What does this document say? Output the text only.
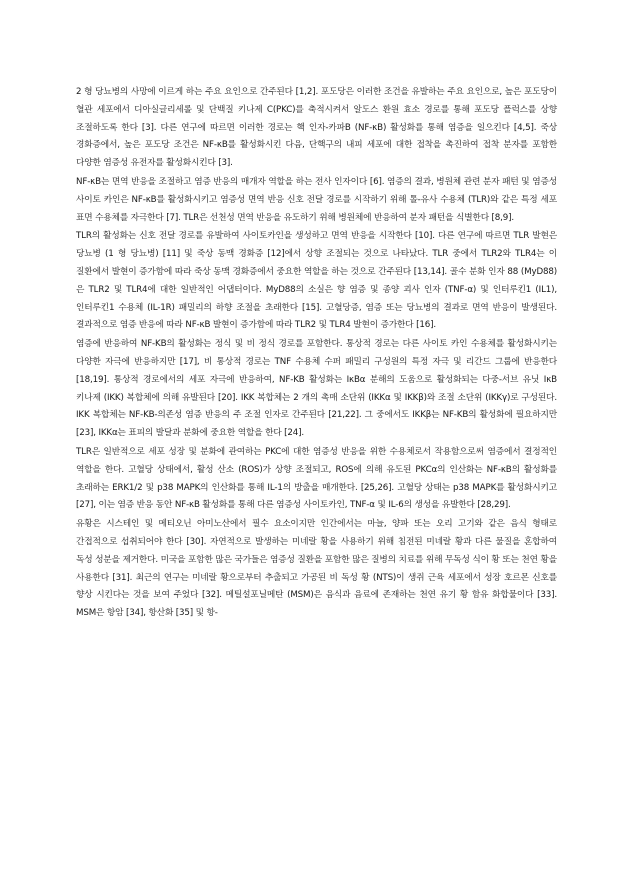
2 형 당뇨병의 사망에 이르게 하는 주요 요인으로 간주된다 [1,2]. 포도당은 이러한 조건을 유발하는 주요 요인으로, 높은 포도당이 혈관 세포에서 디아실글리세롤 및 단백질 키나제 C(PKC)를 축적시켜서 알도스 환원 효소 경로를 통해 포도당 플럭스를 상향 조절하도록 한다 [3]. 다른 연구에 따르면 이러한 경로는 핵 인자-카파B (NF-κB) 활성화를 통해 염증을 일으킨다 [4,5]. 죽상 경화증에서, 높은 포도당 조건은 NF-κB를 활성화시킨 다음, 단핵구의 내피 세포에 대한 접착을 촉진하여 접착 분자를 포함한 다양한 염증성 유전자를 활성화시킨다 [3].

NF-κB는 면역 반응을 조절하고 염증 반응의 매개자 역할을 하는 전사 인자이다 [6]. 염증의 결과, 병원체 관련 분자 패턴 및 염증성 사이토 카인은 NF-κB를 활성화시키고 염증성 면역 반응 신호 전달 경로를 시작하기 위해 톨-유사 수용체 (TLR)와 같은 특정 세포 표면 수용체를 자극한다 [7]. TLR은 선천성 면역 반응을 유도하기 위해 병원체에 반응하여 분자 패턴을 식별한다 [8,9].

TLR의 활성화는 신호 전달 경로를 유발하여 사이토카인을 생성하고 면역 반응을 시작한다 [10]. 다른 연구에 따르면 TLR 발현은 당뇨병 (1 형 당뇨병) [11] 및 죽상 동맥 경화증 [12]에서 상향 조절되는 것으로 나타났다. TLR 중에서 TLR2와 TLR4는 이 질환에서 발현이 증가함에 따라 죽상 동맥 경화증에서 중요한 역할을 하는 것으로 간주된다 [13,14]. 골수 분화 인자 88 (MyD88)은 TLR2 및 TLR4에 대한 일반적인 어댑터이다. MyD88의 소실은 향 염증 및 종양 괴사 인자 (TNF-α) 및 인터루킨1 (IL1), 인터루킨1 수용체 (IL-1R) 패밀리의 하향 조절을 초래한다 [15]. 고혈당증, 염증 또는 당뇨병의 결과로 면역 반응이 발생된다. 결과적으로 염증 반응에 따라 NF-κB 발현이 증가함에 따라 TLR2 및 TLR4 발현이 증가한다 [16].

염증에 반응하여 NF-KB의 활성화는 정식 및 비 정식 경로를 포함한다. 통상적 경로는 다른 사이토 카인 수용체를 활성화시키는 다양한 자극에 반응하지만 [17], 비 통상적 경로는 TNF 수용체 수퍼 패밀리 구성원의 특정 자극 및 리간드 그룹에 반응한다 [18,19]. 통상적 경로에서의 세포 자극에 반응하여, NF-KB 활성화는 IκBα 분해의 도움으로 활성화되는 다중-서브 유닛 IκB 키나제 (IKK) 복합체에 의해 유발된다 [20]. IKK 복합체는 2 개의 촉매 소단위 (IKKα 및 IKKβ)와 조절 소단위 (IKKγ)로 구성된다. IKK 복합체는 NF-KB-의존성 염증 반응의 주 조절 인자로 간주된다 [21,22]. 그 중에서도 IKKβ는 NF-KB의 활성화에 필요하지만 [23], IKKα는 표피의 발달과 분화에 중요한 역할을 한다 [24].

TLR은 일반적으로 세포 성장 및 분화에 관여하는 PKC에 대한 염증성 반응을 위한 수용체로서 작용함으로써 염증에서 결정적인 역할을 한다. 고혈당 상태에서, 활성 산소 (ROS)가 상향 조절되고, ROS에 의해 유도된 PKCα의 인산화는 NF-κB의 활성화를 초래하는 ERK1/2 및 p38 MAPK의 인산화를 통해 IL-1의 방출을 매개한다. [25,26]. 고혈당 상태는 p38 MAPK를 활성화시키고 [27], 이는 염증 반응 동안 NF-κB 활성화를 통해 다른 염증성 사이토카인, TNF-α 및 IL-6의 생성을 유발한다 [28,29].

유황은 시스테인 및 메티오닌 아미노산에서 필수 요소이지만 인간에서는 마늘, 양파 또는 오리 고기와 같은 음식 형태로 간접적으로 섭취되어야 한다 [30]. 자연적으로 발생하는 미네랄 황을 사용하기 위해 침전된 미네랄 황과 다른 물질을 혼합하여 독성 성분을 제거한다. 미국을 포함한 많은 국가들은 염증성 질환을 포함한 많은 질병의 치료를 위해 무독성 식이 황 또는 천연 황을 사용한다 [31]. 최근의 연구는 미네랄 황으로부터 추출되고 가공된 비 독성 황 (NTS)이 생쥐 근육 세포에서 성장 호르몬 신호를 향상 시킨다는 것을 보여 주었다 [32]. 메틸설포닐메탄 (MSM)은 음식과 음료에 존재하는 천연 유기 황 함유 화합물이다 [33]. MSM은 항암 [34], 항산화 [35] 및 항-
